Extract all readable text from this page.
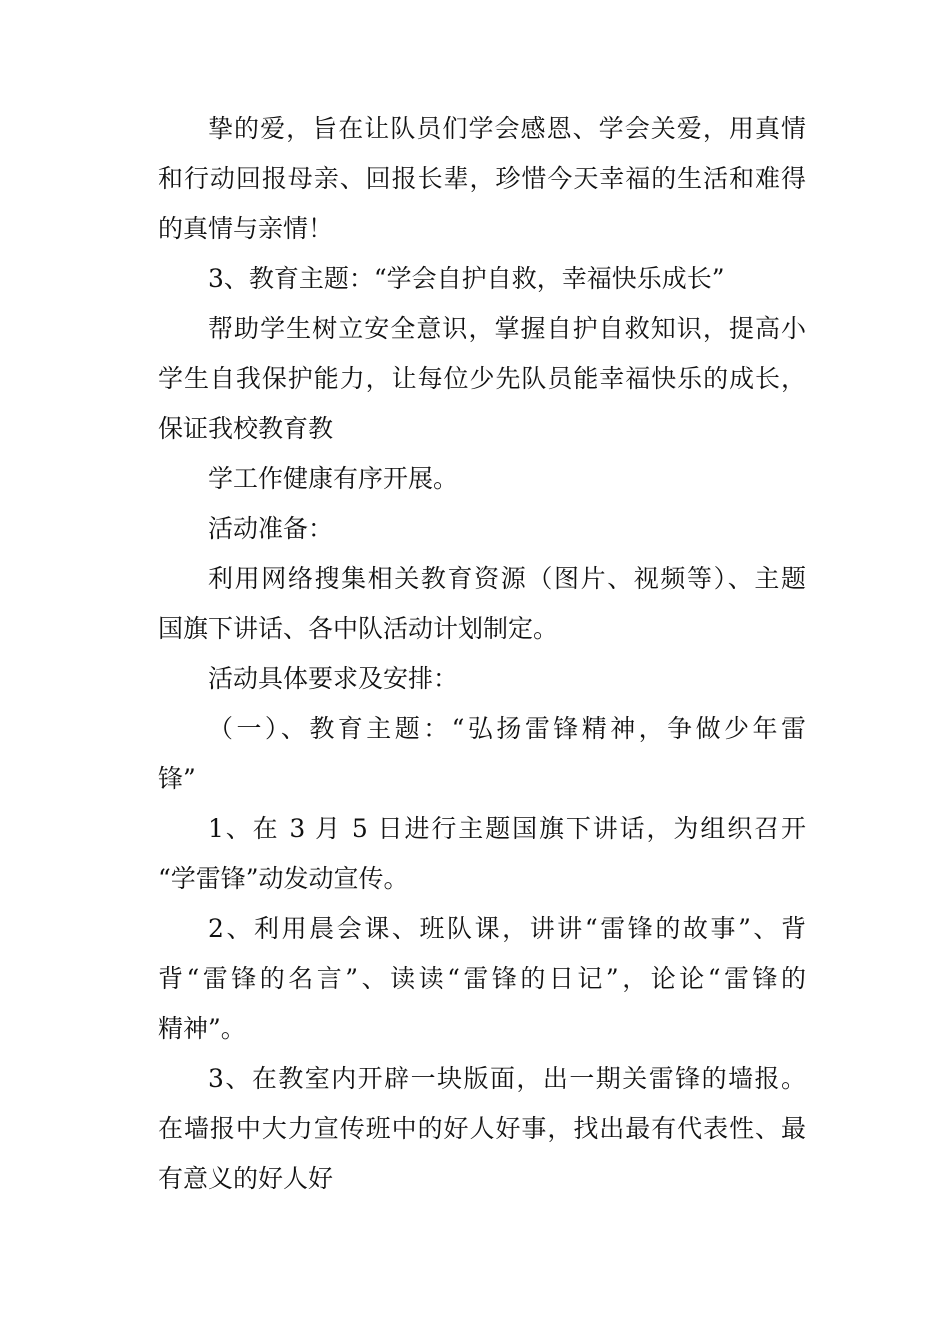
挚的爱，旨在让队员们学会感恩、学会关爱，用真情
和行动回报母亲、回报长辈，珍惜今天幸福的生活和难得
的真情与亲情！
3、教育主题：“学会自护自救，幸福快乐成长”
帮助学生树立安全意识，掌握自护自救知识，提高小
学生自我保护能力，让每位少先队员能幸福快乐的成长，
保证我校教育教
学工作健康有序开展。
活动准备：
利用网络搜集相关教育资源（图片、视频等）、主题
国旗下讲话、各中队活动计划制定。
活动具体要求及安排：
（一）、教育主题：“弘扬雷锋精神，争做少年雷
锋”
1、在 3 月 5 日进行主题国旗下讲话，为组织召开
“学雷锋”动发动宣传。
2、利用晨会课、班队课，讲讲“雷锋的故事”、背
背“雷锋的名言”、读读“雷锋的日记”，论论“雷锋的
精神”。
3、在教室内开辟一块版面，出一期关雷锋的墙报。
在墙报中大力宣传班中的好人好事，找出最有代表性、最
有意义的好人好
